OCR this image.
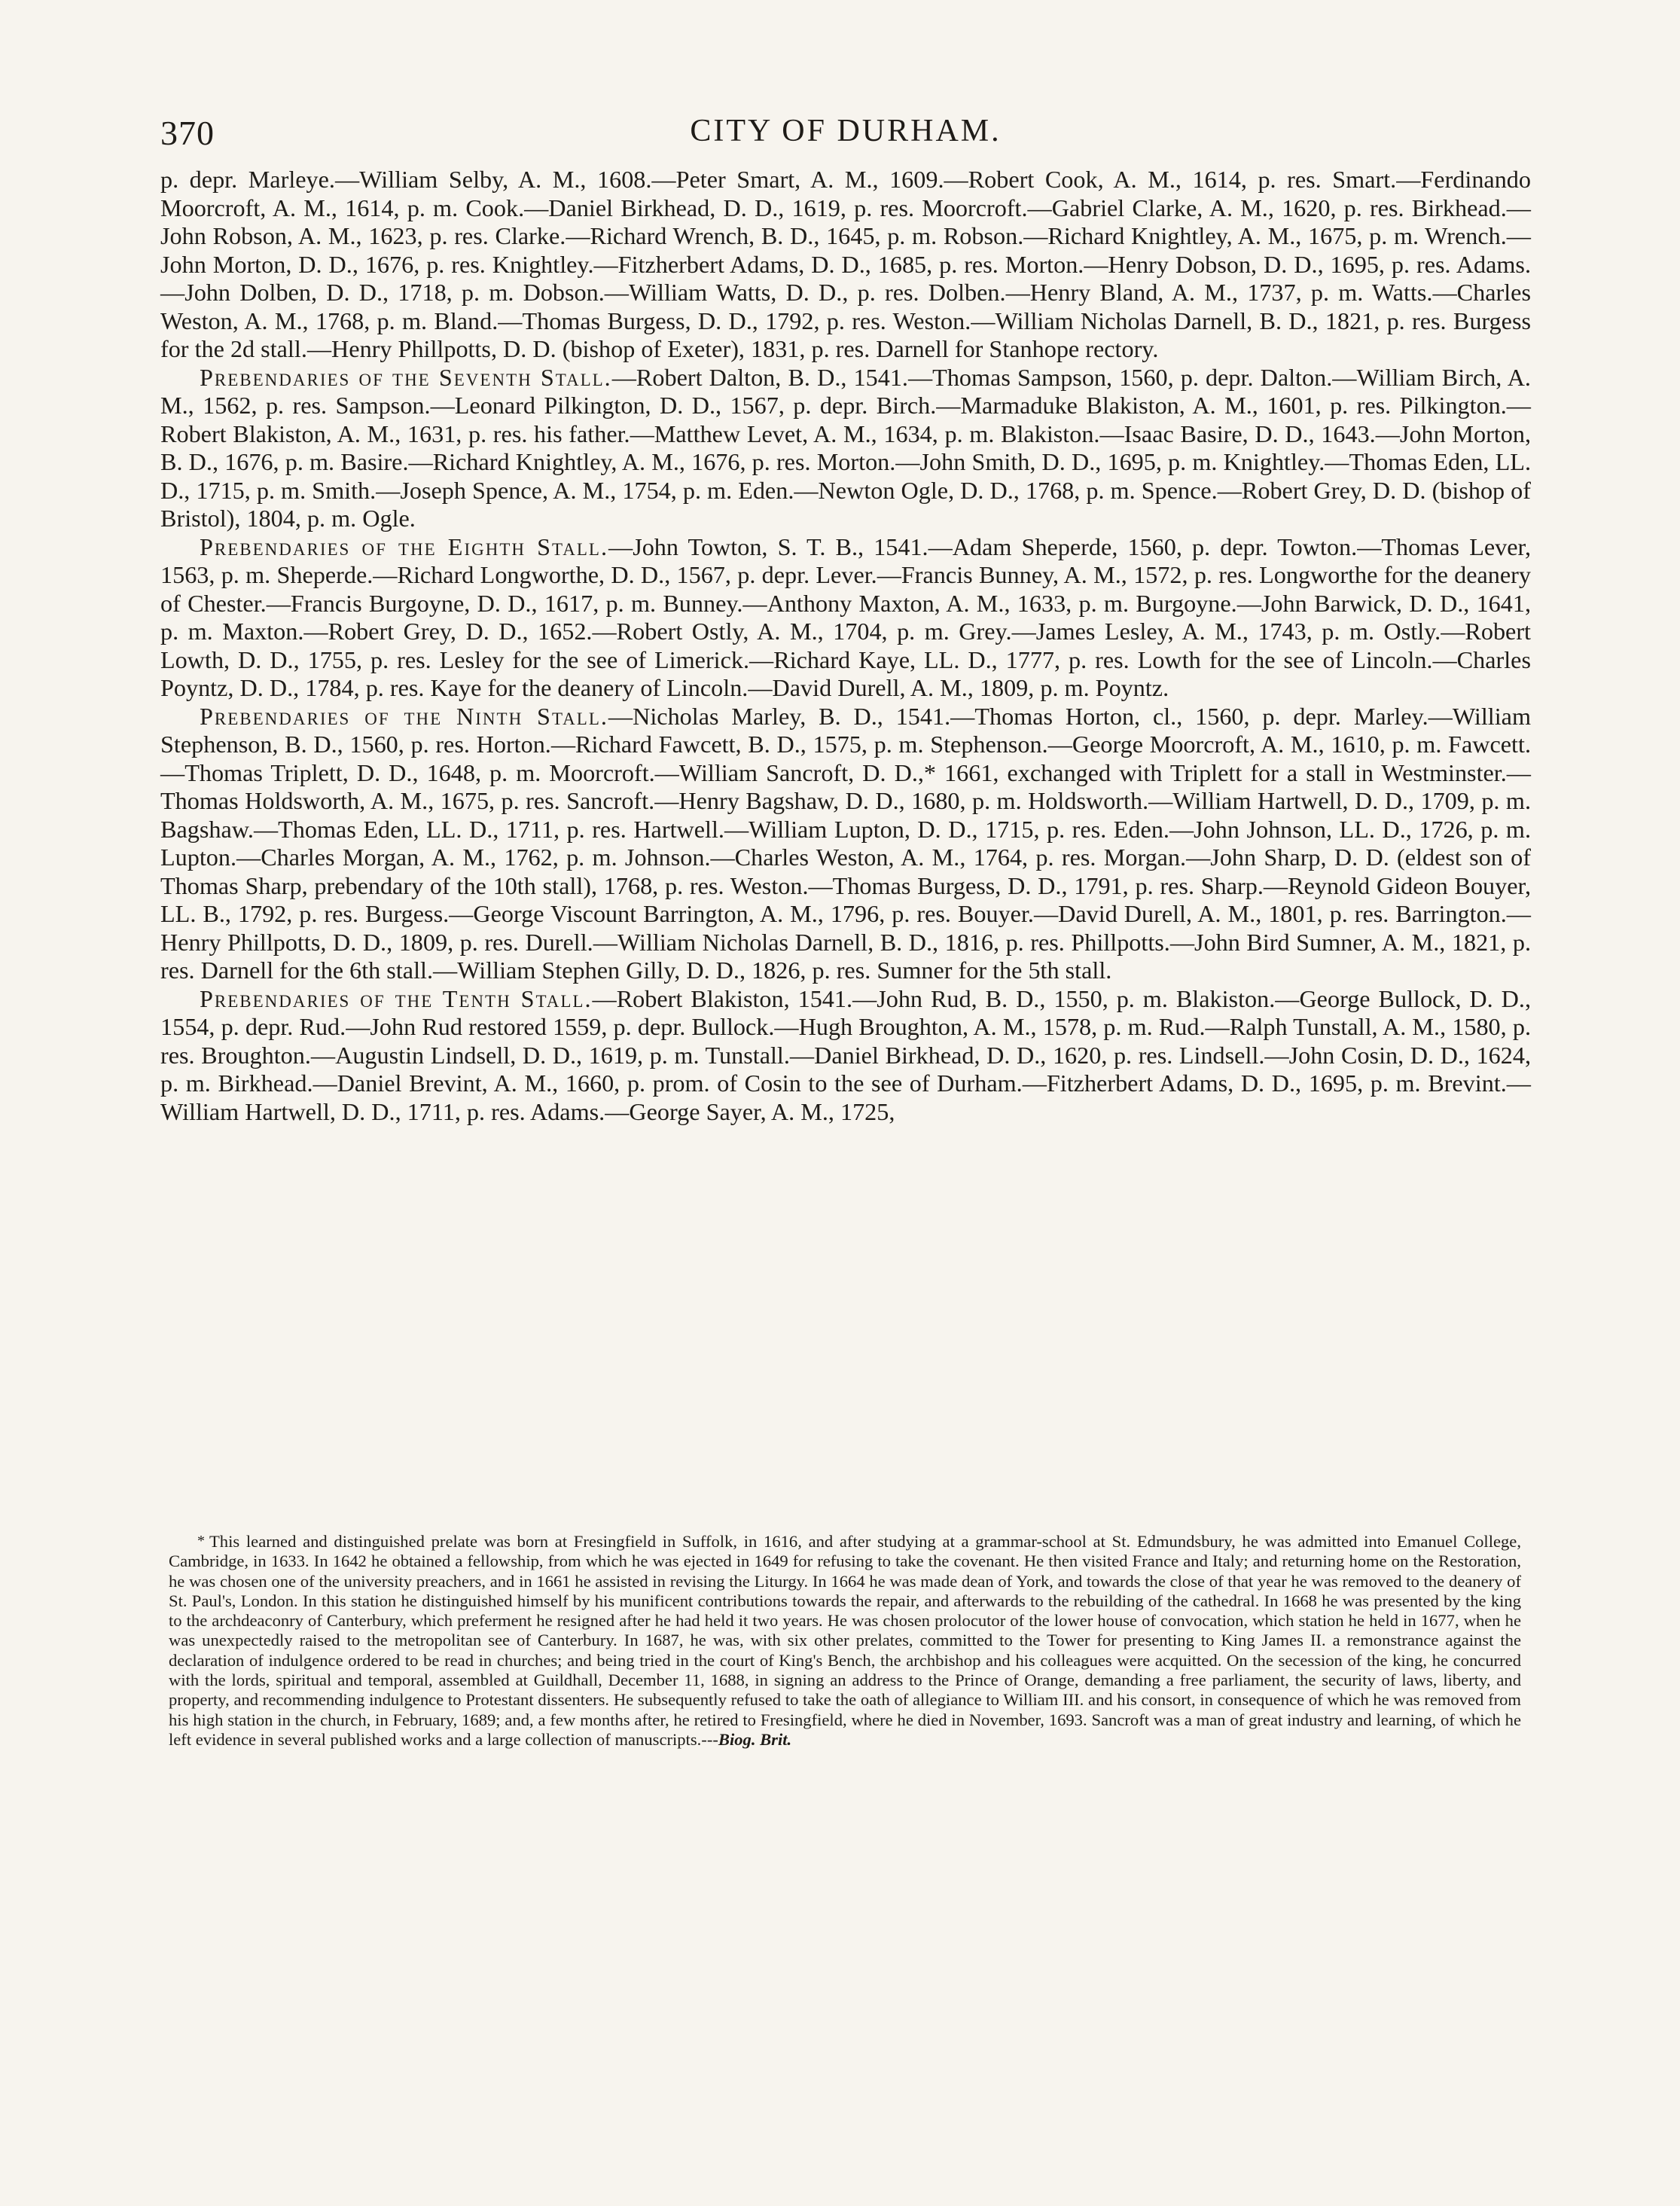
370	CITY OF DURHAM.

p. depr. Marleye.—William Selby, A. M., 1608.—Peter Smart, A. M., 1609.—Robert Cook, A. M., 1614, p. res. Smart.—Ferdinando Moorcroft, A. M., 1614, p. m. Cook.—Daniel Birkhead, D. D., 1619, p. res. Moorcroft.—Gabriel Clarke, A. M., 1620, p. res. Birkhead.—John Robson, A. M., 1623, p. res. Clarke.—Richard Wrench, B. D., 1645, p. m. Robson.—Richard Knightley, A. M., 1675, p. m. Wrench.—John Morton, D. D., 1676, p. res. Knightley.—Fitzherbert Adams, D. D., 1685, p. res. Morton.—Henry Dobson, D. D., 1695, p. res. Adams.—John Dolben, D. D., 1718, p. m. Dobson.—William Watts, D. D., p. res. Dolben.—Henry Bland, A. M., 1737, p. m. Watts.—Charles Weston, A. M., 1768, p. m. Bland.—Thomas Burgess, D. D., 1792, p. res. Weston.—William Nicholas Darnell, B. D., 1821, p. res. Burgess for the 2d stall.—Henry Phillpotts, D. D. (bishop of Exeter), 1831, p. res. Darnell for Stanhope rectory.

Prebendaries of the Seventh Stall.—Robert Dalton, B. D., 1541.—Thomas Sampson, 1560, p. depr. Dalton.—William Birch, A. M., 1562, p. res. Sampson.—Leonard Pilkington, D. D., 1567, p. depr. Birch.—Marmaduke Blakiston, A. M., 1601, p. res. Pilkington.—Robert Blakiston, A. M., 1631, p. res. his father.—Matthew Levet, A. M., 1634, p. m. Blakiston.—Isaac Basire, D. D., 1643.—John Morton, B. D., 1676, p. m. Basire.—Richard Knightley, A. M., 1676, p. res. Morton.—John Smith, D. D., 1695, p. m. Knightley.—Thomas Eden, LL. D., 1715, p. m. Smith.—Joseph Spence, A. M., 1754, p. m. Eden.—Newton Ogle, D. D., 1768, p. m. Spence.—Robert Grey, D. D. (bishop of Bristol), 1804, p. m. Ogle.

Prebendaries of the Eighth Stall.—John Towton, S. T. B., 1541.—Adam Sheperde, 1560, p. depr. Towton.—Thomas Lever, 1563, p. m. Sheperde.—Richard Longworthe, D. D., 1567, p. depr. Lever.—Francis Bunney, A. M., 1572, p. res. Longworthe for the deanery of Chester.—Francis Burgoyne, D. D., 1617, p. m. Bunney.—Anthony Maxton, A. M., 1633, p. m. Burgoyne.—John Barwick, D. D., 1641, p. m. Maxton.—Robert Grey, D. D., 1652.—Robert Ostly, A. M., 1704, p. m. Grey.—James Lesley, A. M., 1743, p. m. Ostly.—Robert Lowth, D. D., 1755, p. res. Lesley for the see of Limerick.—Richard Kaye, LL. D., 1777, p. res. Lowth for the see of Lincoln.—Charles Poyntz, D. D., 1784, p. res. Kaye for the deanery of Lincoln.—David Durell, A. M., 1809, p. m. Poyntz.

Prebendaries of the Ninth Stall.—Nicholas Marley, B. D., 1541.—Thomas Horton, cl., 1560, p. depr. Marley.—William Stephenson, B. D., 1560, p. res. Horton.—Richard Fawcett, B. D., 1575, p. m. Stephenson.—George Moorcroft, A. M., 1610, p. m. Fawcett.—Thomas Triplett, D. D., 1648, p. m. Moorcroft.—William Sancroft, D. D.,* 1661, exchanged with Triplett for a stall in Westminster.—Thomas Holdsworth, A. M., 1675, p. res. Sancroft.—Henry Bagshaw, D. D., 1680, p. m. Holdsworth.—William Hartwell, D. D., 1709, p. m. Bagshaw.—Thomas Eden, LL. D., 1711, p. res. Hartwell.—William Lupton, D. D., 1715, p. res. Eden.—John Johnson, LL. D., 1726, p. m. Lupton.—Charles Morgan, A. M., 1762, p. m. Johnson.—Charles Weston, A. M., 1764, p. res. Morgan.—John Sharp, D. D. (eldest son of Thomas Sharp, prebendary of the 10th stall), 1768, p. res. Weston.—Thomas Burgess, D. D., 1791, p. res. Sharp.—Reynold Gideon Bouyer, LL. B., 1792, p. res. Burgess.—George Viscount Barrington, A. M., 1796, p. res. Bouyer.—David Durell, A. M., 1801, p. res. Barrington.—Henry Phillpotts, D. D., 1809, p. res. Durell.—William Nicholas Darnell, B. D., 1816, p. res. Phillpotts.—John Bird Sumner, A. M., 1821, p. res. Darnell for the 6th stall.—William Stephen Gilly, D. D., 1826, p. res. Sumner for the 5th stall.

Prebendaries of the Tenth Stall.—Robert Blakiston, 1541.—John Rud, B. D., 1550, p. m. Blakiston.—George Bullock, D. D., 1554, p. depr. Rud.—John Rud restored 1559, p. depr. Bullock.—Hugh Broughton, A. M., 1578, p. m. Rud.—Ralph Tunstall, A. M., 1580, p. res. Broughton.—Augustin Lindsell, D. D., 1619, p. m. Tunstall.—Daniel Birkhead, D. D., 1620, p. res. Lindsell.—John Cosin, D. D., 1624, p. m. Birkhead.—Daniel Brevint, A. M., 1660, p. prom. of Cosin to the see of Durham.—Fitzherbert Adams, D. D., 1695, p. m. Brevint.—William Hartwell, D. D., 1711, p. res. Adams.—George Sayer, A. M., 1725,

* This learned and distinguished prelate was born at Fresingfield in Suffolk, in 1616, and after studying at a grammar-school at St. Edmundsbury, he was admitted into Emanuel College, Cambridge, in 1633. In 1642 he obtained a fellowship, from which he was ejected in 1649 for refusing to take the covenant. He then visited France and Italy; and returning home on the Restoration, he was chosen one of the university preachers, and in 1661 he assisted in revising the Liturgy. In 1664 he was made dean of York, and towards the close of that year he was removed to the deanery of St. Paul's, London. In this station he distinguished himself by his munificent contributions towards the repair, and afterwards to the rebuilding of the cathedral. In 1668 he was presented by the king to the archdeaconry of Canterbury, which preferment he resigned after he had held it two years. He was chosen prolocutor of the lower house of convocation, which station he held in 1677, when he was unexpectedly raised to the metropolitan see of Canterbury. In 1687, he was, with six other prelates, committed to the Tower for presenting to King James II. a remonstrance against the declaration of indulgence ordered to be read in churches; and being tried in the court of King's Bench, the archbishop and his colleagues were acquitted. On the secession of the king, he concurred with the lords, spiritual and temporal, assembled at Guildhall, December 11, 1688, in signing an address to the Prince of Orange, demanding a free parliament, the security of laws, liberty, and property, and recommending indulgence to Protestant dissenters. He subsequently refused to take the oath of allegiance to William III. and his consort, in consequence of which he was removed from his high station in the church, in February, 1689; and, a few months after, he retired to Fresingfield, where he died in November, 1693. Sancroft was a man of great industry and learning, of which he left evidence in several published works and a large collection of manuscripts.---Biog. Brit.
